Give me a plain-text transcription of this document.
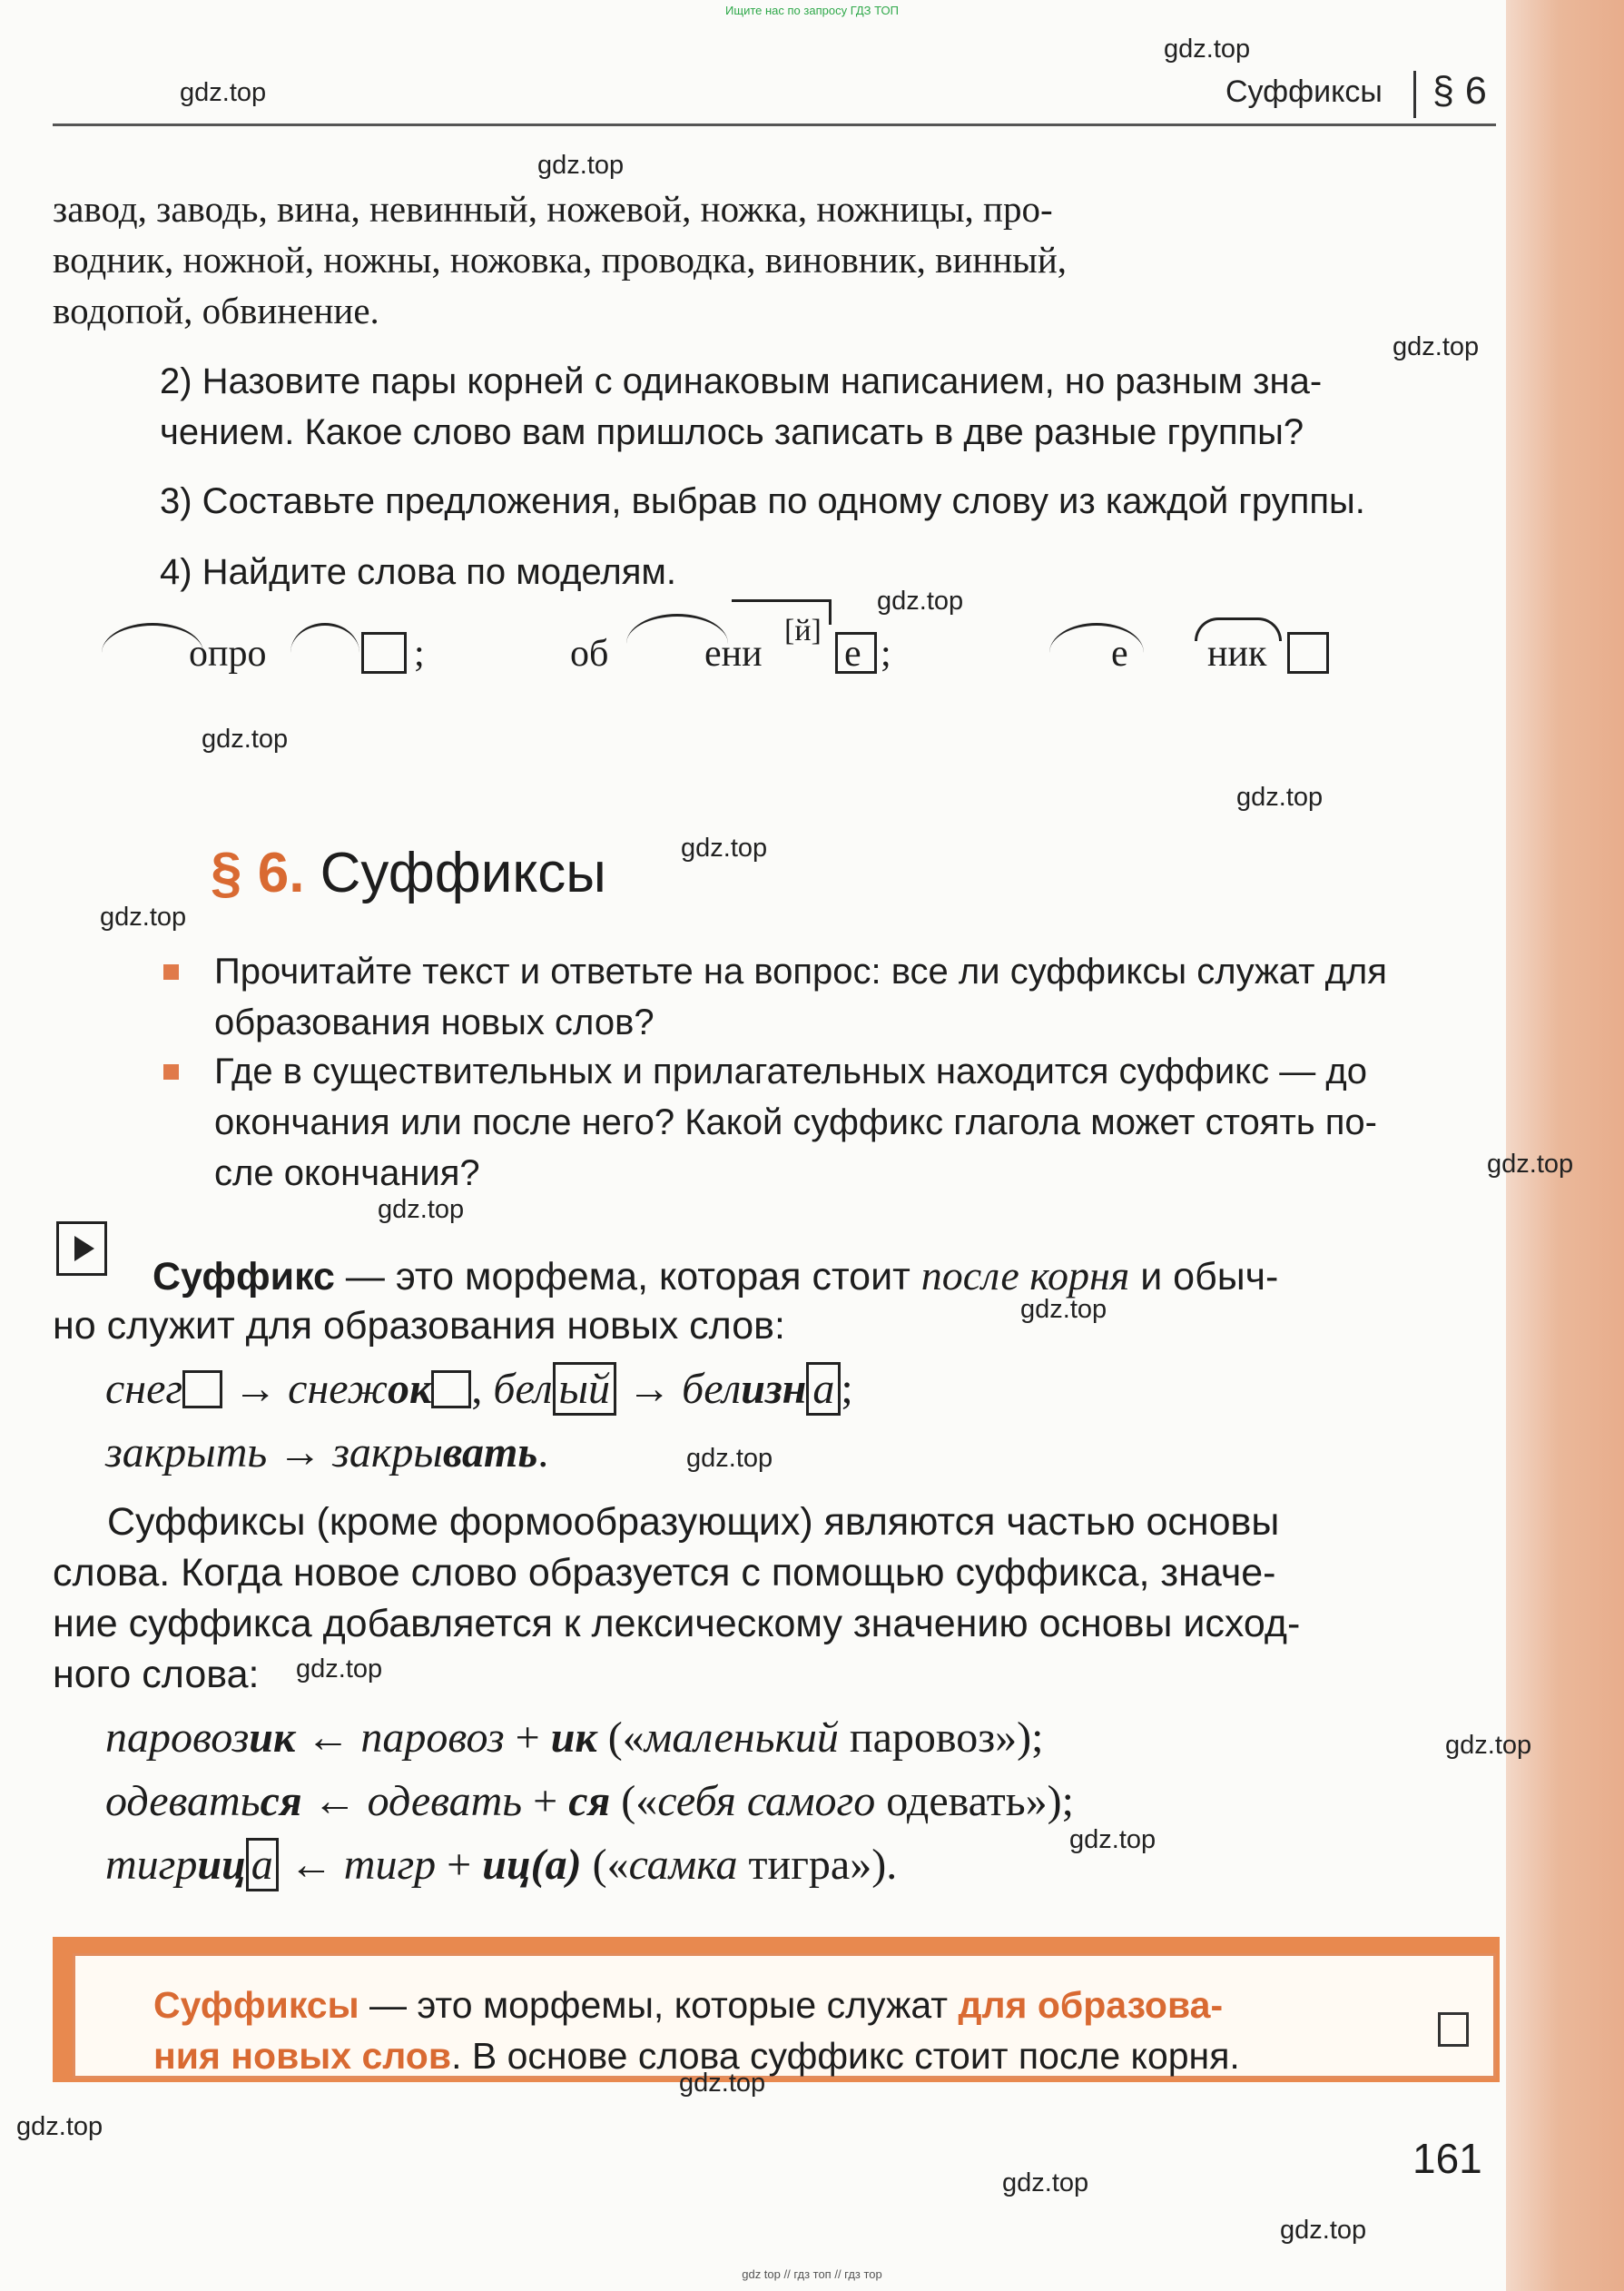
Ищите нас по запросу ГДЗ ТОП
Суффиксы § 6
завод, заводь, вина, невинный, ножевой, ножка, ножницы, про-
водник, ножной, ножны, ножовка, проводка, виновник, винный,
водопой, обвинение.
2) Назовите пары корней с одинаковым написанием, но разным зна-
чением. Какое слово вам пришлось записать в две разные группы?
3) Составьте предложения, выбрав по одному слову из каждой группы.
4) Найдите слова по моделям.
опро	;	об	ени
[й]
е ;	е ник
§ 6. Суффиксы
Прочитайте текст и ответьте на вопрос: все ли суффиксы служат для
образования новых слов?
Где в существительных и прилагательных находится суффикс — до
окончания или после него? Какой суффикс глагола может стоять по-
сле окончания?
Суффикс — это морфема, которая стоит после корня и обыч-
но служит для образования новых слов:
снег → снежок , бел ый → белизн а ;
закрыть → закрывать.
Суффиксы (кроме формообразующих) являются частью основы
слова. Когда новое слово образуется с помощью суффикса, значе-
ние суффикса добавляется к лексическому значению основы исход-
ного слова:
паровозик ← паровоз + ик («маленький паровоз»);
одеваться ← одевать + ся («себя самого одевать»);
тигриц а ← тигр + иц(а) («самка тигра»).
Суффиксы — это морфемы, которые служат для образова-
ния новых слов. В основе слова суффикс стоит после корня.
161
gdz.top
gdz.top
gdz.top
gdz.top
gdz.top
gdz.top
gdz.top
gdz.top
gdz.top
gdz.top
gdz.top
gdz.top
gdz.top
gdz.top
gdz.top
gdz.top
gdz.top
gdz.top
gdz.top
gdz.top
gdz top // гдз топ // гдз тор
